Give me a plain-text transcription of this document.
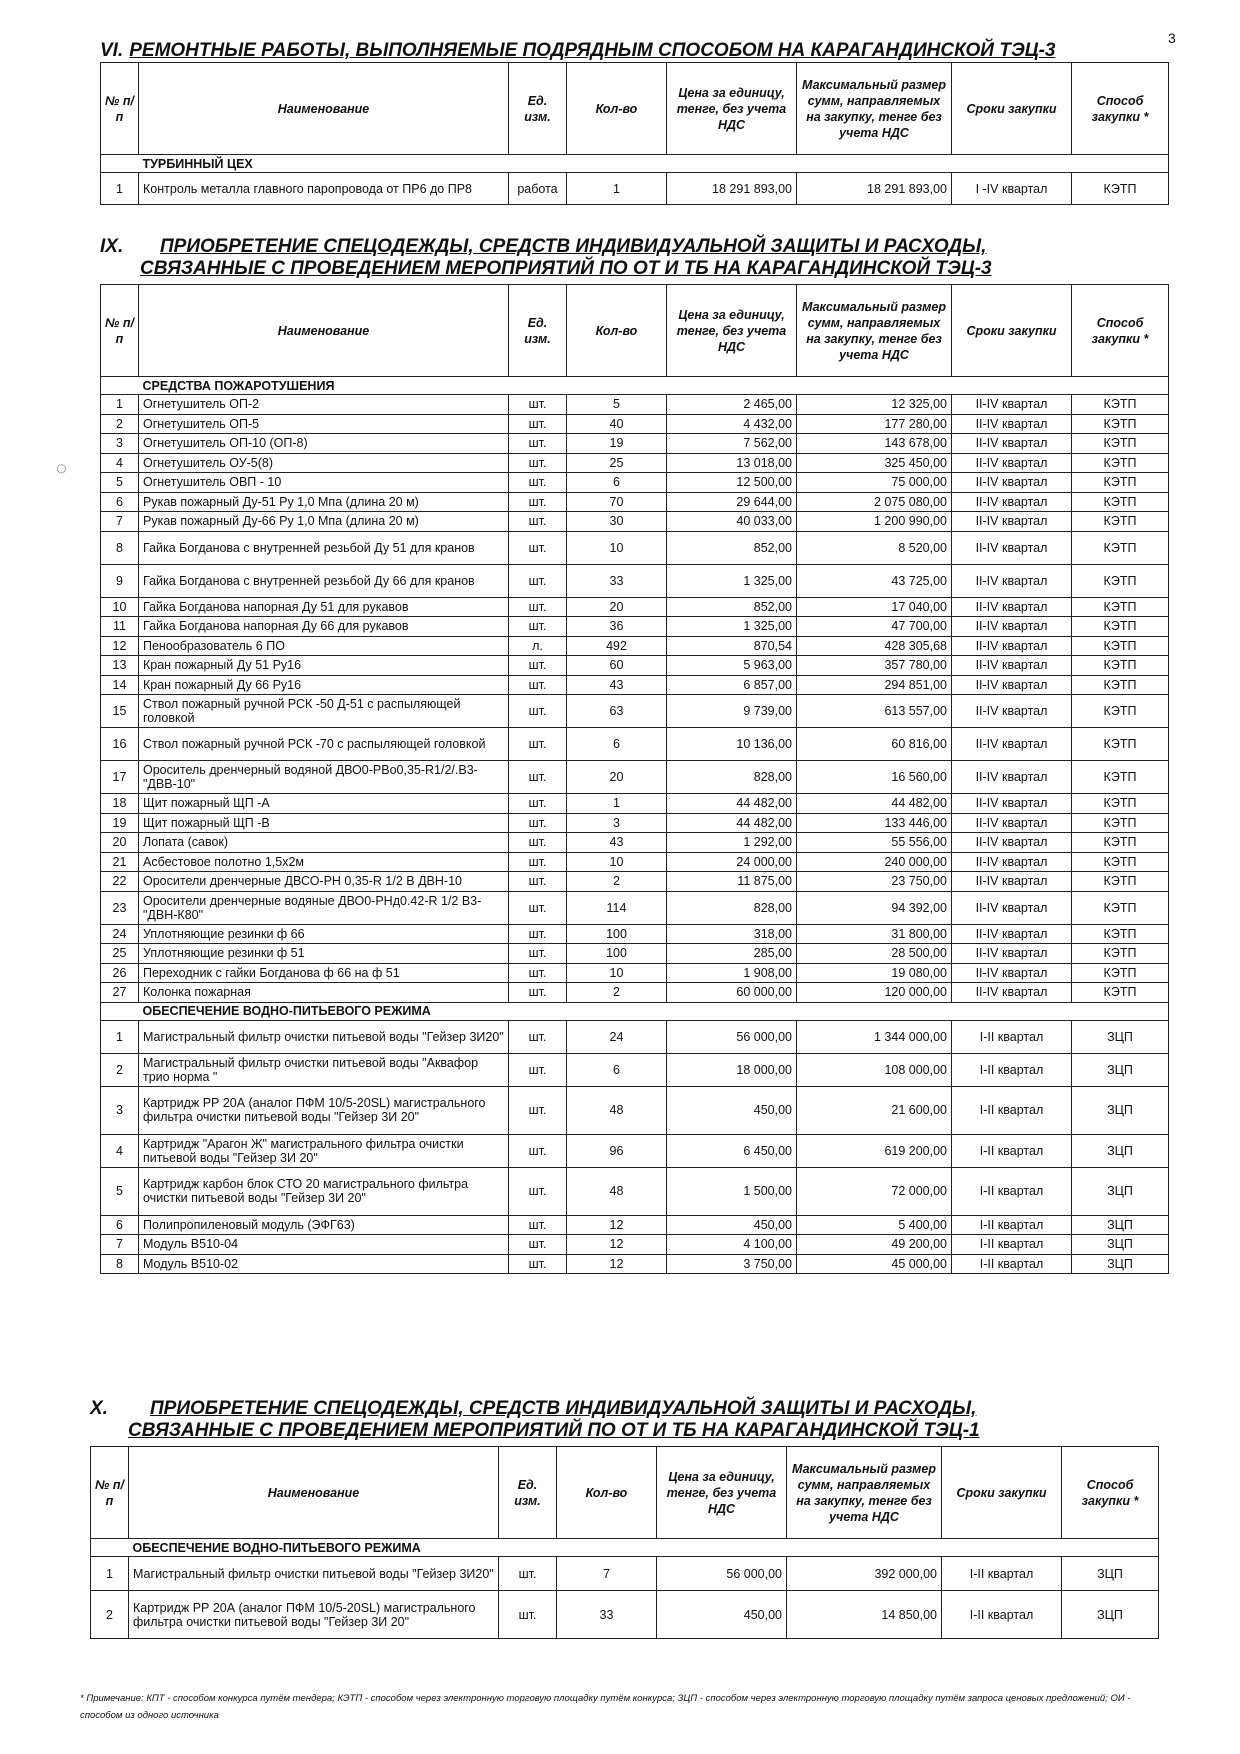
3
VI. РЕМОНТНЫЕ РАБОТЫ, ВЫПОЛНЯЕМЫЕ ПОДРЯДНЫМ СПОСОБОМ НА КАРАГАНДИНСКОЙ ТЭЦ-3
№ п/п	Наименование	Ед. изм.	Кол-во	Цена за единицу, тенге, без учета НДС	Максимальный размер сумм, направляемых на закупку, тенге без учета НДС	Сроки закупки	Способ закупки *
	ТУРБИННЫЙ ЦЕХ						
1	Контроль металла главного паропровода от ПР6 до ПР8	работа	1	18 291 893,00	18 291 893,00	I -IV квартал	КЭТП
IX. ПРИОБРЕТЕНИЕ СПЕЦОДЕЖДЫ, СРЕДСТВ ИНДИВИДУАЛЬНОЙ ЗАЩИТЫ И РАСХОДЫ,
СВЯЗАННЫЕ С ПРОВЕДЕНИЕМ МЕРОПРИЯТИЙ ПО ОТ И ТБ НА КАРАГАНДИНСКОЙ ТЭЦ-3
№ п/п	Наименование	Ед. изм.	Кол-во	Цена за единицу, тенге, без учета НДС	Максимальный размер сумм, направляемых на закупку, тенге без учета НДС	Сроки закупки	Способ закупки *
	СРЕДСТВА ПОЖАРОТУШЕНИЯ						
1	Огнетушитель ОП-2	шт.	5	2 465,00	12 325,00	II-IV квартал	КЭТП
2	Огнетушитель ОП-5	шт.	40	4 432,00	177 280,00	II-IV квартал	КЭТП
3	Огнетушитель ОП-10 (ОП-8)	шт.	19	7 562,00	143 678,00	II-IV квартал	КЭТП
4	Огнетушитель ОУ-5(8)	шт.	25	13 018,00	325 450,00	II-IV квартал	КЭТП
5	Огнетушитель ОВП - 10	шт.	6	12 500,00	75 000,00	II-IV квартал	КЭТП
6	Рукав пожарный Ду-51 Ру 1,0 Мпа (длина 20 м)	шт.	70	29 644,00	2 075 080,00	II-IV квартал	КЭТП
7	Рукав пожарный Ду-66 Ру 1,0 Мпа (длина 20 м)	шт.	30	40 033,00	1 200 990,00	II-IV квартал	КЭТП
8	Гайка Богданова с внутренней резьбой Ду 51 для кранов	шт.	10	852,00	8 520,00	II-IV квартал	КЭТП
9	Гайка Богданова с внутренней резьбой Ду 66 для кранов	шт.	33	1 325,00	43 725,00	II-IV квартал	КЭТП
10	Гайка Богданова напорная Ду 51 для рукавов	шт.	20	852,00	17 040,00	II-IV квартал	КЭТП
11	Гайка Богданова напорная Ду 66 для рукавов	шт.	36	1 325,00	47 700,00	II-IV квартал	КЭТП
12	Пенообразователь 6 ПО	л.	492	870,54	428 305,68	II-IV квартал	КЭТП
13	Кран пожарный Ду 51 Ру16	шт.	60	5 963,00	357 780,00	II-IV квартал	КЭТП
14	Кран пожарный Ду 66 Ру16	шт.	43	6 857,00	294 851,00	II-IV квартал	КЭТП
15	Ствол пожарный ручной РСК -50 Д-51 с распыляющей головкой	шт.	63	9 739,00	613 557,00	II-IV квартал	КЭТП
16	Ствол пожарный ручной РСК -70 с распыляющей головкой	шт.	6	10 136,00	60 816,00	II-IV квартал	КЭТП
17	Ороситель дренчерный водяной ДВО0-РВо0,35-R1/2/.В3-"ДВВ-10"	шт.	20	828,00	16 560,00	II-IV квартал	КЭТП
18	Щит пожарный ЩП -А	шт.	1	44 482,00	44 482,00	II-IV квартал	КЭТП
19	Щит пожарный ЩП -В	шт.	3	44 482,00	133 446,00	II-IV квартал	КЭТП
20	Лопата (савок)	шт.	43	1 292,00	55 556,00	II-IV квартал	КЭТП
21	Асбестовое полотно 1,5х2м	шт.	10	24 000,00	240 000,00	II-IV квартал	КЭТП
22	Оросители дренчерные ДВСО-РН 0,35-R 1/2 В ДВН-10	шт.	2	11 875,00	23 750,00	II-IV квартал	КЭТП
23	Оросители дренчерные водяные ДВО0-РНд0.42-R 1/2 В3-"ДВН-К80"	шт.	114	828,00	94 392,00	II-IV квартал	КЭТП
24	Уплотняющие резинки ф 66	шт.	100	318,00	31 800,00	II-IV квартал	КЭТП
25	Уплотняющие резинки ф 51	шт.	100	285,00	28 500,00	II-IV квартал	КЭТП
26	Переходник с гайки Богданова ф 66 на ф 51	шт.	10	1 908,00	19 080,00	II-IV квартал	КЭТП
27	Колонка пожарная	шт.	2	60 000,00	120 000,00	II-IV квартал	КЭТП
	ОБЕСПЕЧЕНИЕ ВОДНО-ПИТЬЕВОГО РЕЖИМА						
1	Магистральный фильтр очистки питьевой воды "Гейзер 3И20"	шт.	24	56 000,00	1 344 000,00	I-II квартал	ЗЦП
2	Магистральный фильтр очистки питьевой воды "Аквафор трио норма "	шт.	6	18 000,00	108 000,00	I-II квартал	ЗЦП
3	Картридж РР 20А (аналог ПФМ 10/5-20SL) магистрального фильтра очистки питьевой воды "Гейзер 3И 20"	шт.	48	450,00	21 600,00	I-II квартал	ЗЦП
4	Картридж "Арагон Ж" магистрального фильтра очистки питьевой воды "Гейзер 3И 20"	шт.	96	6 450,00	619 200,00	I-II квартал	ЗЦП
5	Картридж карбон блок СТО 20 магистрального фильтра очистки питьевой воды "Гейзер 3И 20"	шт.	48	1 500,00	72 000,00	I-II квартал	ЗЦП
6	Полипропиленовый модуль (ЭФГ63)	шт.	12	450,00	5 400,00	I-II квартал	ЗЦП
7	Модуль В510-04	шт.	12	4 100,00	49 200,00	I-II квартал	ЗЦП
8	Модуль В510-02	шт.	12	3 750,00	45 000,00	I-II квартал	ЗЦП
X. ПРИОБРЕТЕНИЕ СПЕЦОДЕЖДЫ, СРЕДСТВ ИНДИВИДУАЛЬНОЙ ЗАЩИТЫ И РАСХОДЫ,
СВЯЗАННЫЕ С ПРОВЕДЕНИЕМ МЕРОПРИЯТИЙ ПО ОТ И ТБ НА КАРАГАНДИНСКОЙ ТЭЦ-1
№ п/п	Наименование	Ед. изм.	Кол-во	Цена за единицу, тенге, без учета НДС	Максимальный размер сумм, направляемых на закупку, тенге без учета НДС	Сроки закупки	Способ закупки *
	ОБЕСПЕЧЕНИЕ ВОДНО-ПИТЬЕВОГО РЕЖИМА						
1	Магистральный фильтр очистки питьевой воды "Гейзер 3И20"	шт.	7	56 000,00	392 000,00	I-II квартал	ЗЦП
2	Картридж РР 20А (аналог ПФМ 10/5-20SL) магистрального фильтра очистки питьевой воды "Гейзер 3И 20"	шт.	33	450,00	14 850,00	I-II квартал	ЗЦП
* Примечание: КПТ - способом конкурса путём тендера; КЭТП - способом через электронную торговую площадку путём конкурса; ЗЦП - способом через электронную торговую площадку путём запроса ценовых предложений; ОИ - способом из одного источника
◌
